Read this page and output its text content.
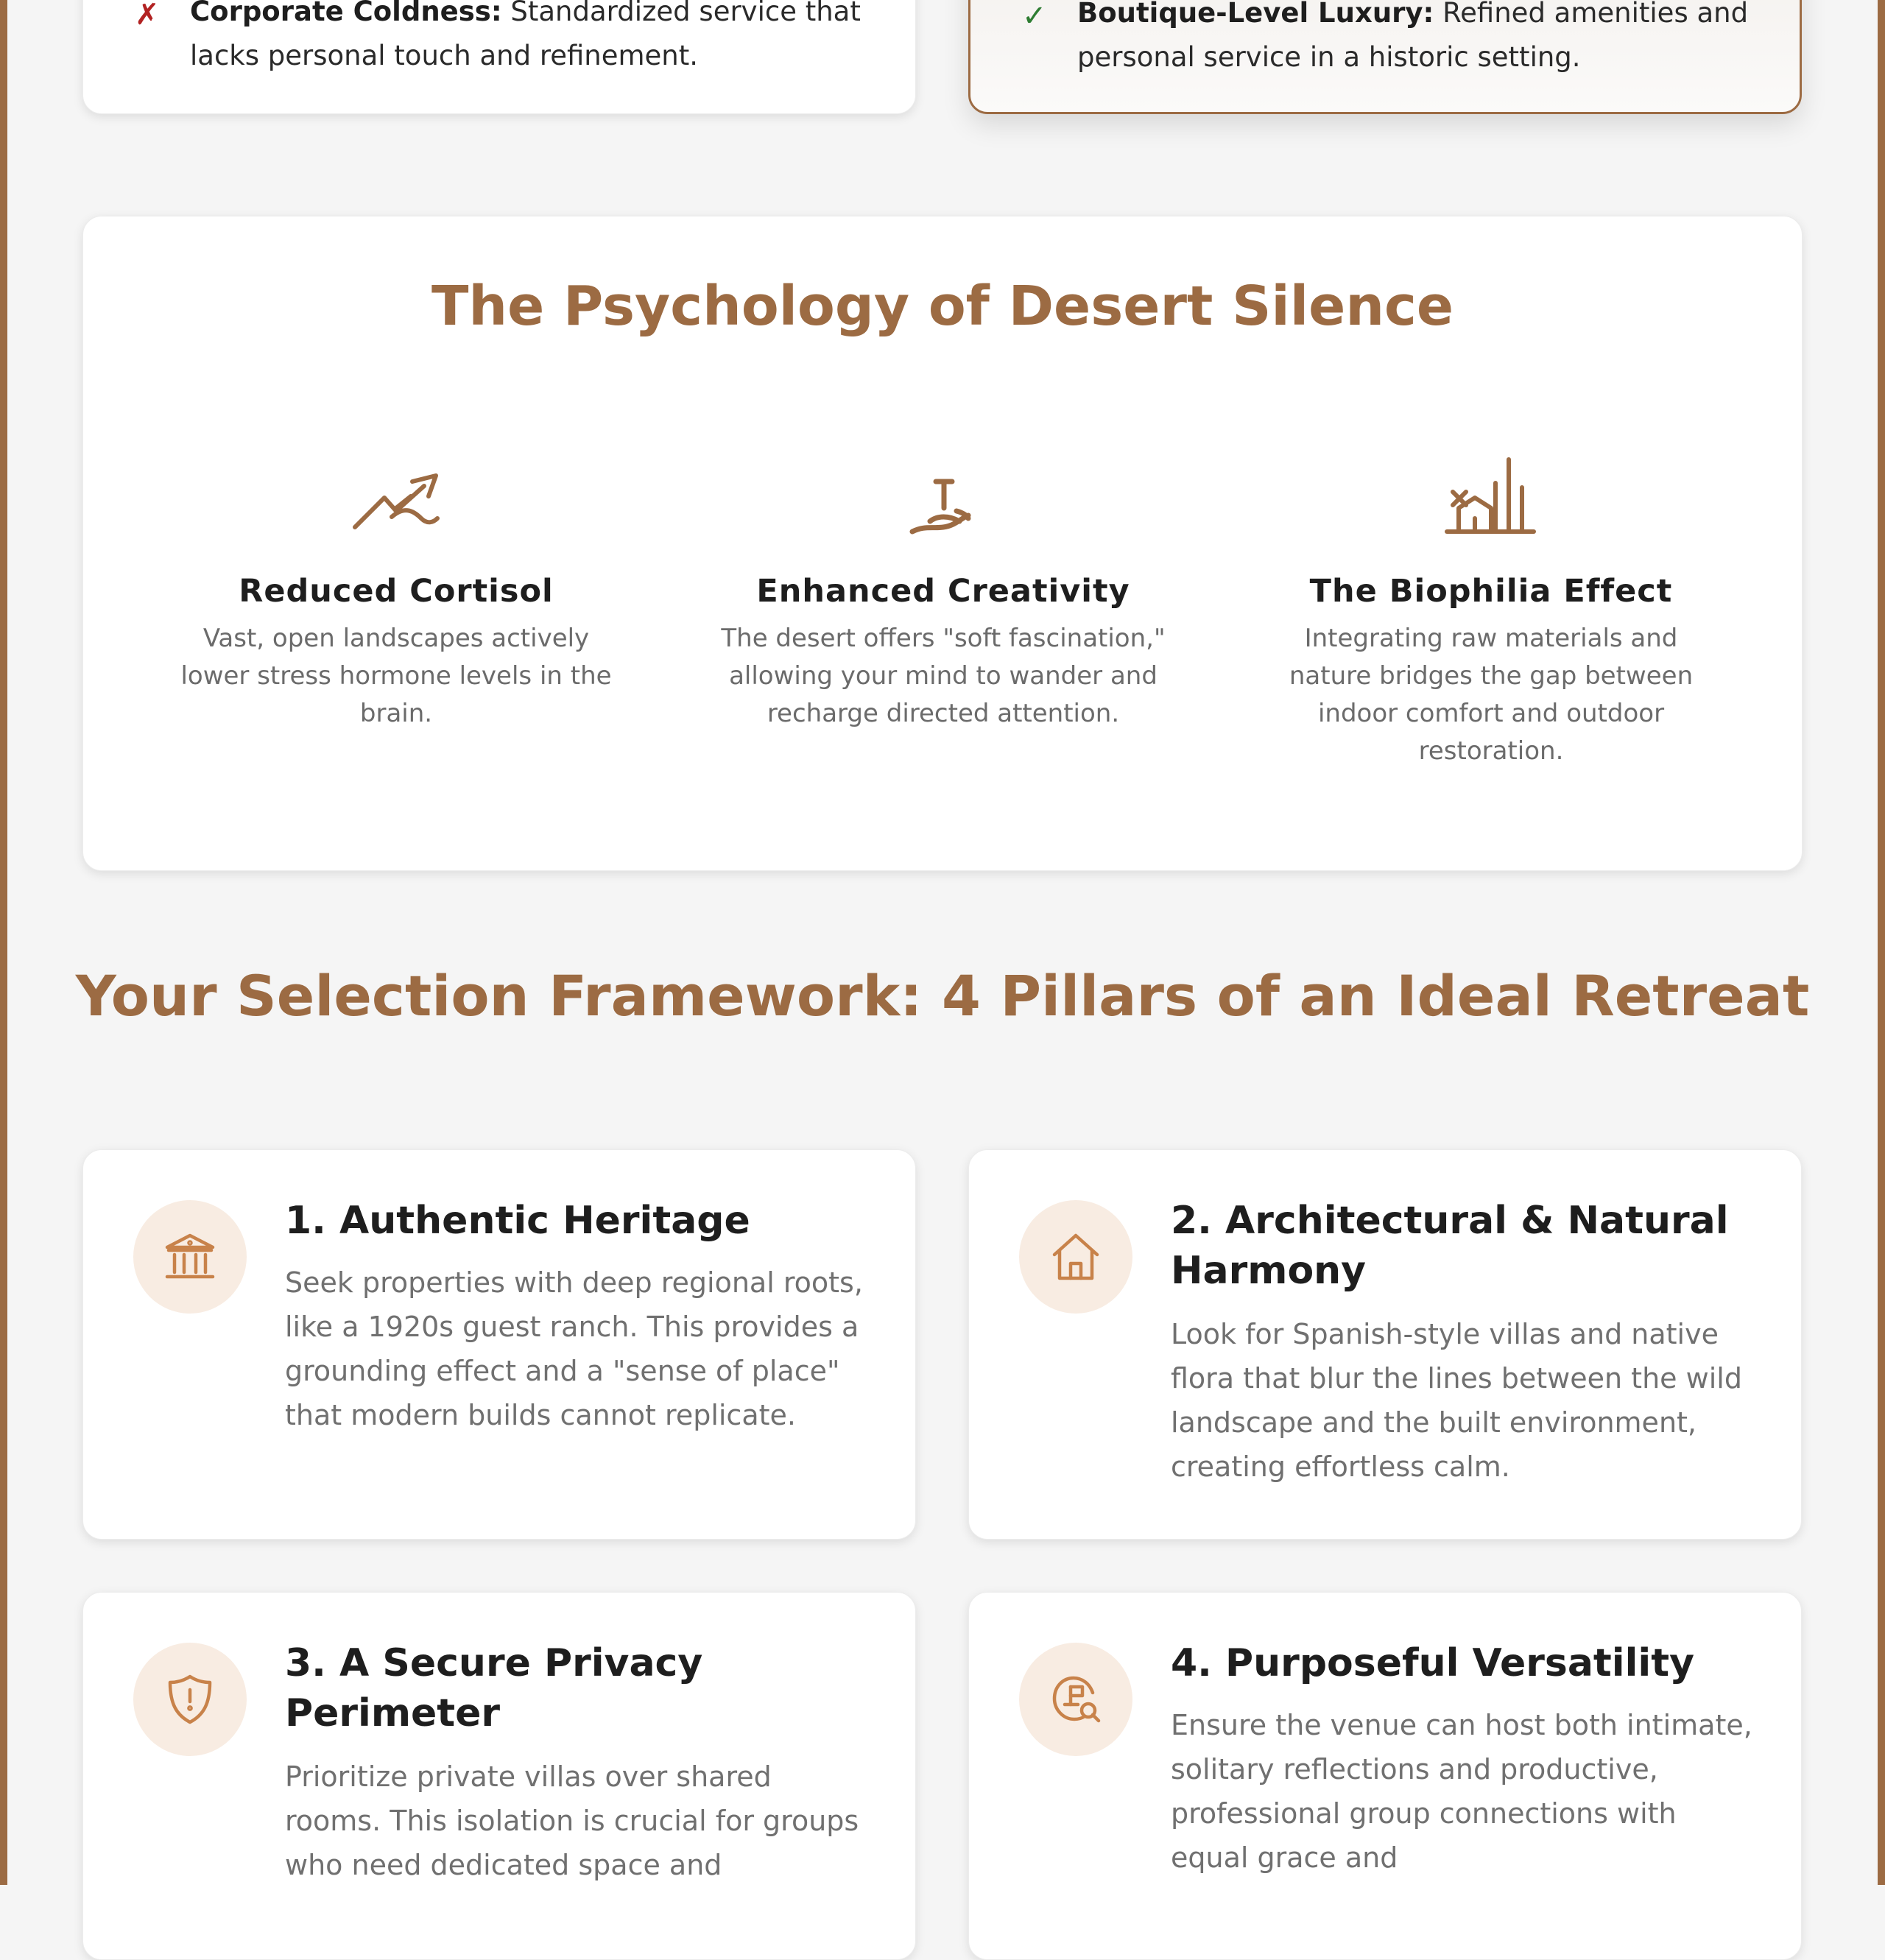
✗ Corporate Coldness: Standardized service that lacks personal touch and refinement.
✓ Boutique-Level Luxury: Refined amenities and personal service in a historic setting.
The Psychology of Desert Silence
Reduced Cortisol
Vast, open landscapes actively lower stress hormone levels in the brain.
Enhanced Creativity
The desert offers "soft fascination," allowing your mind to wander and recharge directed attention.
The Biophilia Effect
Integrating raw materials and nature bridges the gap between indoor comfort and outdoor restoration.
Your Selection Framework: 4 Pillars of an Ideal Retreat
1. Authentic Heritage
Seek properties with deep regional roots, like a 1920s guest ranch. This provides a grounding effect and a "sense of place" that modern builds cannot replicate.
2. Architectural & Natural Harmony
Look for Spanish-style villas and native flora that blur the lines between the wild landscape and the built environment, creating effortless calm.
3. A Secure Privacy Perimeter
Prioritize private villas over shared rooms. This isolation is crucial for groups who need dedicated space and
4. Purposeful Versatility
Ensure the venue can host both intimate, solitary reflections and productive, professional group connections with equal grace and
